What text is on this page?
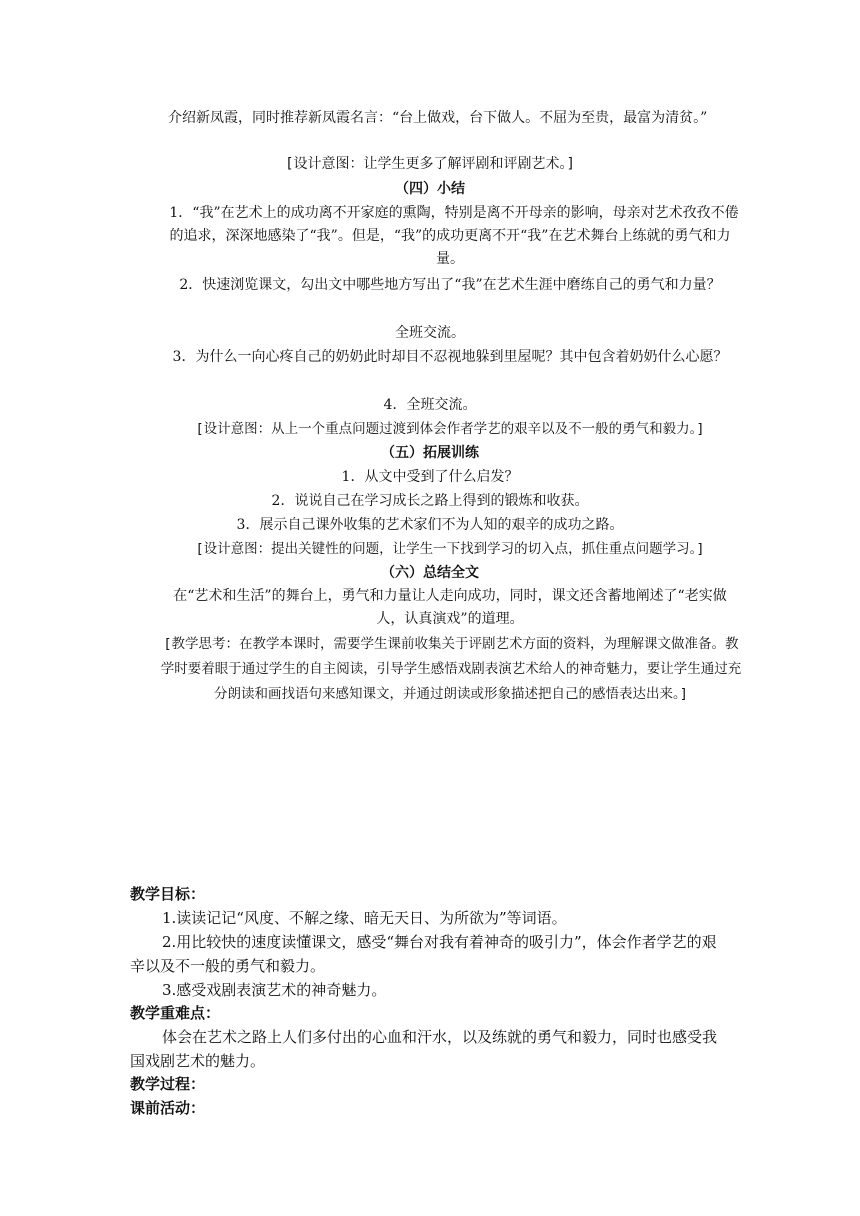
介绍新凤霞，同时推荐新凤霞名言：“台上做戏，台下做人。不屈为至贵，最富为清贫。”
[设计意图：让学生更多了解评剧和评剧艺术。]
（四）小结
1．“我”在艺术上的成功离不开家庭的熏陶，特别是离不开母亲的影响，母亲对艺术孜孜不倦的追求，深深地感染了“我”。但是，“我”的成功更离不开“我”在艺术舞台上练就的勇气和力量。
2．快速浏览课文，勾出文中哪些地方写出了“我”在艺术生涯中磨练自己的勇气和力量？
全班交流。
3．为什么一向心疼自己的奶奶此时却目不忍视地躲到里屋呢？其中包含着奶奶什么心愿？
4．全班交流。
[设计意图：从上一个重点问题过渡到体会作者学艺的艰辛以及不一般的勇气和毅力。]
（五）拓展训练
1．从文中受到了什么启发？
2．说说自己在学习成长之路上得到的锻炼和收获。
3．展示自己课外收集的艺术家们不为人知的艰辛的成功之路。
[设计意图：提出关键性的问题，让学生一下找到学习的切入点，抓住重点问题学习。]
（六）总结全文
在“艺术和生活”的舞台上，勇气和力量让人走向成功，同时，课文还含蓄地阐述了“老实做人，认真演戏”的道理。
[教学思考：在教学本课时，需要学生课前收集关于评剧艺术方面的资料，为理解课文做准备。教学时要着眼于通过学生的自主阅读，引导学生感悟戏剧表演艺术给人的神奇魅力，要让学生通过充分朗读和画找语句来感知课文，并通过朗读或形象描述把自己的感悟表达出来。]
教学目标：
1.读读记记“风度、不解之缘、暗无天日、为所欲为”等词语。
2.用比较快的速度读懂课文，感受“舞台对我有着神奇的吸引力”，体会作者学艺的艰辛以及不一般的勇气和毅力。
3.感受戏剧表演艺术的神奇魅力。
教学重难点：
体会在艺术之路上人们多付出的心血和汗水，以及练就的勇气和毅力，同时也感受我国戏剧艺术的魅力。
教学过程：
课前活动：
